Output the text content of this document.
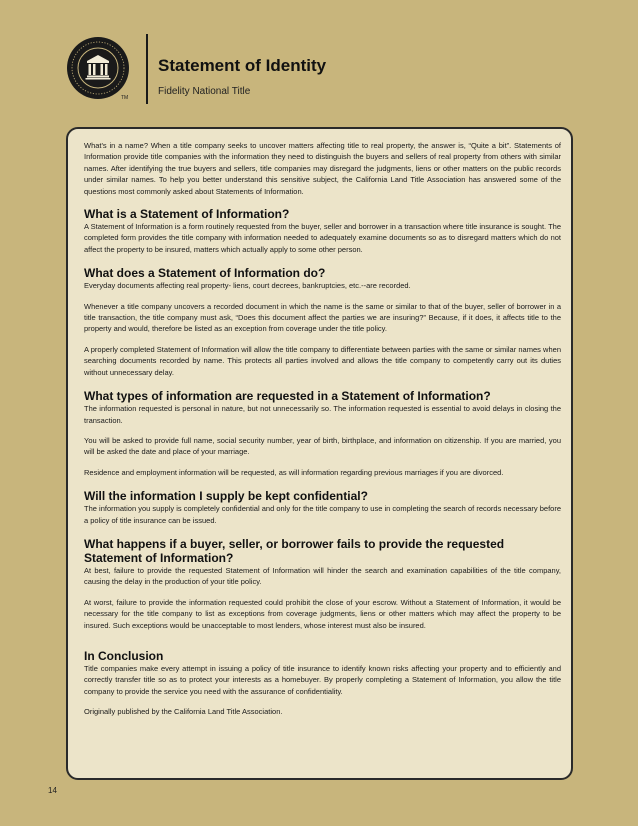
TM
Statement of Identity
Fidelity National Title

What's in a name? When a title company seeks to uncover matters affecting title to real property, the answer is, “Quite a bit”. Statements of Information provide title companies with the information they need to distinguish the buyers and sellers of real property from others with similar names. After identifying the true buyers and sellers, title companies may disregard the judgments, liens or other matters on the public records under similar names. To help you better understand this sensitive subject, the California Land Title Association has answered some of the questions most commonly asked about Statements of Information.

What is a Statement of Information?

A Statement of Information is a form routinely requested from the buyer, seller and borrower in a transaction where title insurance is sought. The completed form provides the title company with information needed to adequately examine documents so as to disregard matters which do not affect the property to be insured, matters which actually apply to some other person.

What does a Statement of Information do?

Everyday documents affecting real property- liens, court decrees, bankruptcies, etc.--are recorded.

Whenever a title company uncovers a recorded document in which the name is the same or similar to that of the buyer, seller of borrower in a title transaction, the title company must ask, “Does this document affect the parties we are insuring?” Because, if it does, it affects title to the property and would, therefore be listed as an exception from coverage under the title policy.

A properly completed Statement of Information will allow the title company to differentiate between parties with the same or similar names when searching documents recorded by name. This protects all parties involved and allows the title company to competently carry out its duties without unnecessary delay.

What types of information are requested in a Statement of Information?

The information requested is personal in nature, but not unnecessarily so. The information requested is essential to avoid delays in closing the transaction.

You will be asked to provide full name, social security number, year of birth, birthplace, and information on citizenship. If you are married, you will be asked the date and place of your marriage.

Residence and employment information will be requested, as will information regarding previous marriages if you are divorced.

Will the information I supply be kept confidential?

The information you supply is completely confidential and only for the title company to use in completing the search of records necessary before a policy of title insurance can be issued.

What happens if a buyer, seller, or borrower fails to provide the requested Statement of Information?

At best, failure to provide the requested Statement of Information will hinder the search and examination capabilities of the title company, causing the delay in the production of your title policy.

At worst, failure to provide the information requested could prohibit the close of your escrow. Without a Statement of Information, it would be necessary for the title company to list as exceptions from coverage judgments, liens or other matters which may affect the property to be insured. Such exceptions would be unacceptable to most lenders, whose interest must also be insured.

In Conclusion

Title companies make every attempt in issuing a policy of title insurance to identify known risks affecting your property and to efficiently and correctly transfer title so as to protect your interests as a homebuyer. By properly completing a Statement of Information, you allow the title company to provide the service you need with the assurance of confidentiality.

Originally published by the California Land Title Association.

14
